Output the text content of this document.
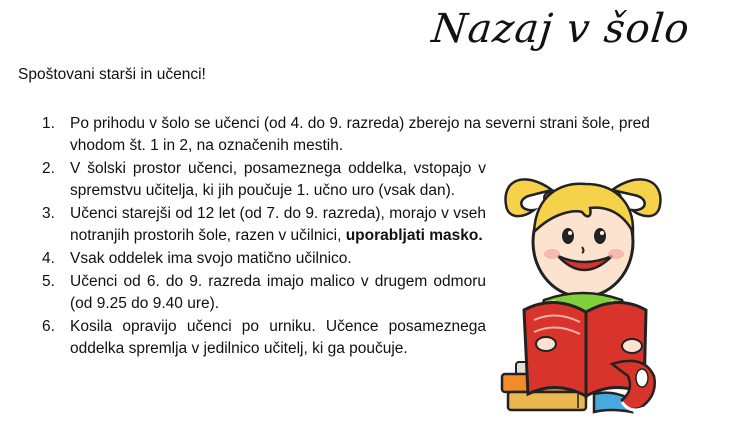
Nazaj v šolo
Spoštovani starši in učenci!
1. Po prihodu v šolo se učenci (od 4. do 9. razreda) zberejo na severni strani šole, pred vhodom št. 1 in 2, na označenih mestih.
2. V šolski prostor učenci, posameznega oddelka, vstopajo v spremstvu učitelja, ki jih poučuje 1. učno uro (vsak dan).
3. Učenci starejši od 12 let (od 7. do 9. razreda), morajo v vseh notranjih prostorih šole, razen v učilnici, uporabljati masko.
4. Vsak oddelek ima svojo matično učilnico.
5. Učenci od 6. do 9. razreda imajo malico v drugem odmoru (od 9.25 do 9.40 ure).
6. Kosila opravijo učenci po urniku. Učence posameznega oddelka spremlja v jedilnico učitelj, ki ga poučuje.
